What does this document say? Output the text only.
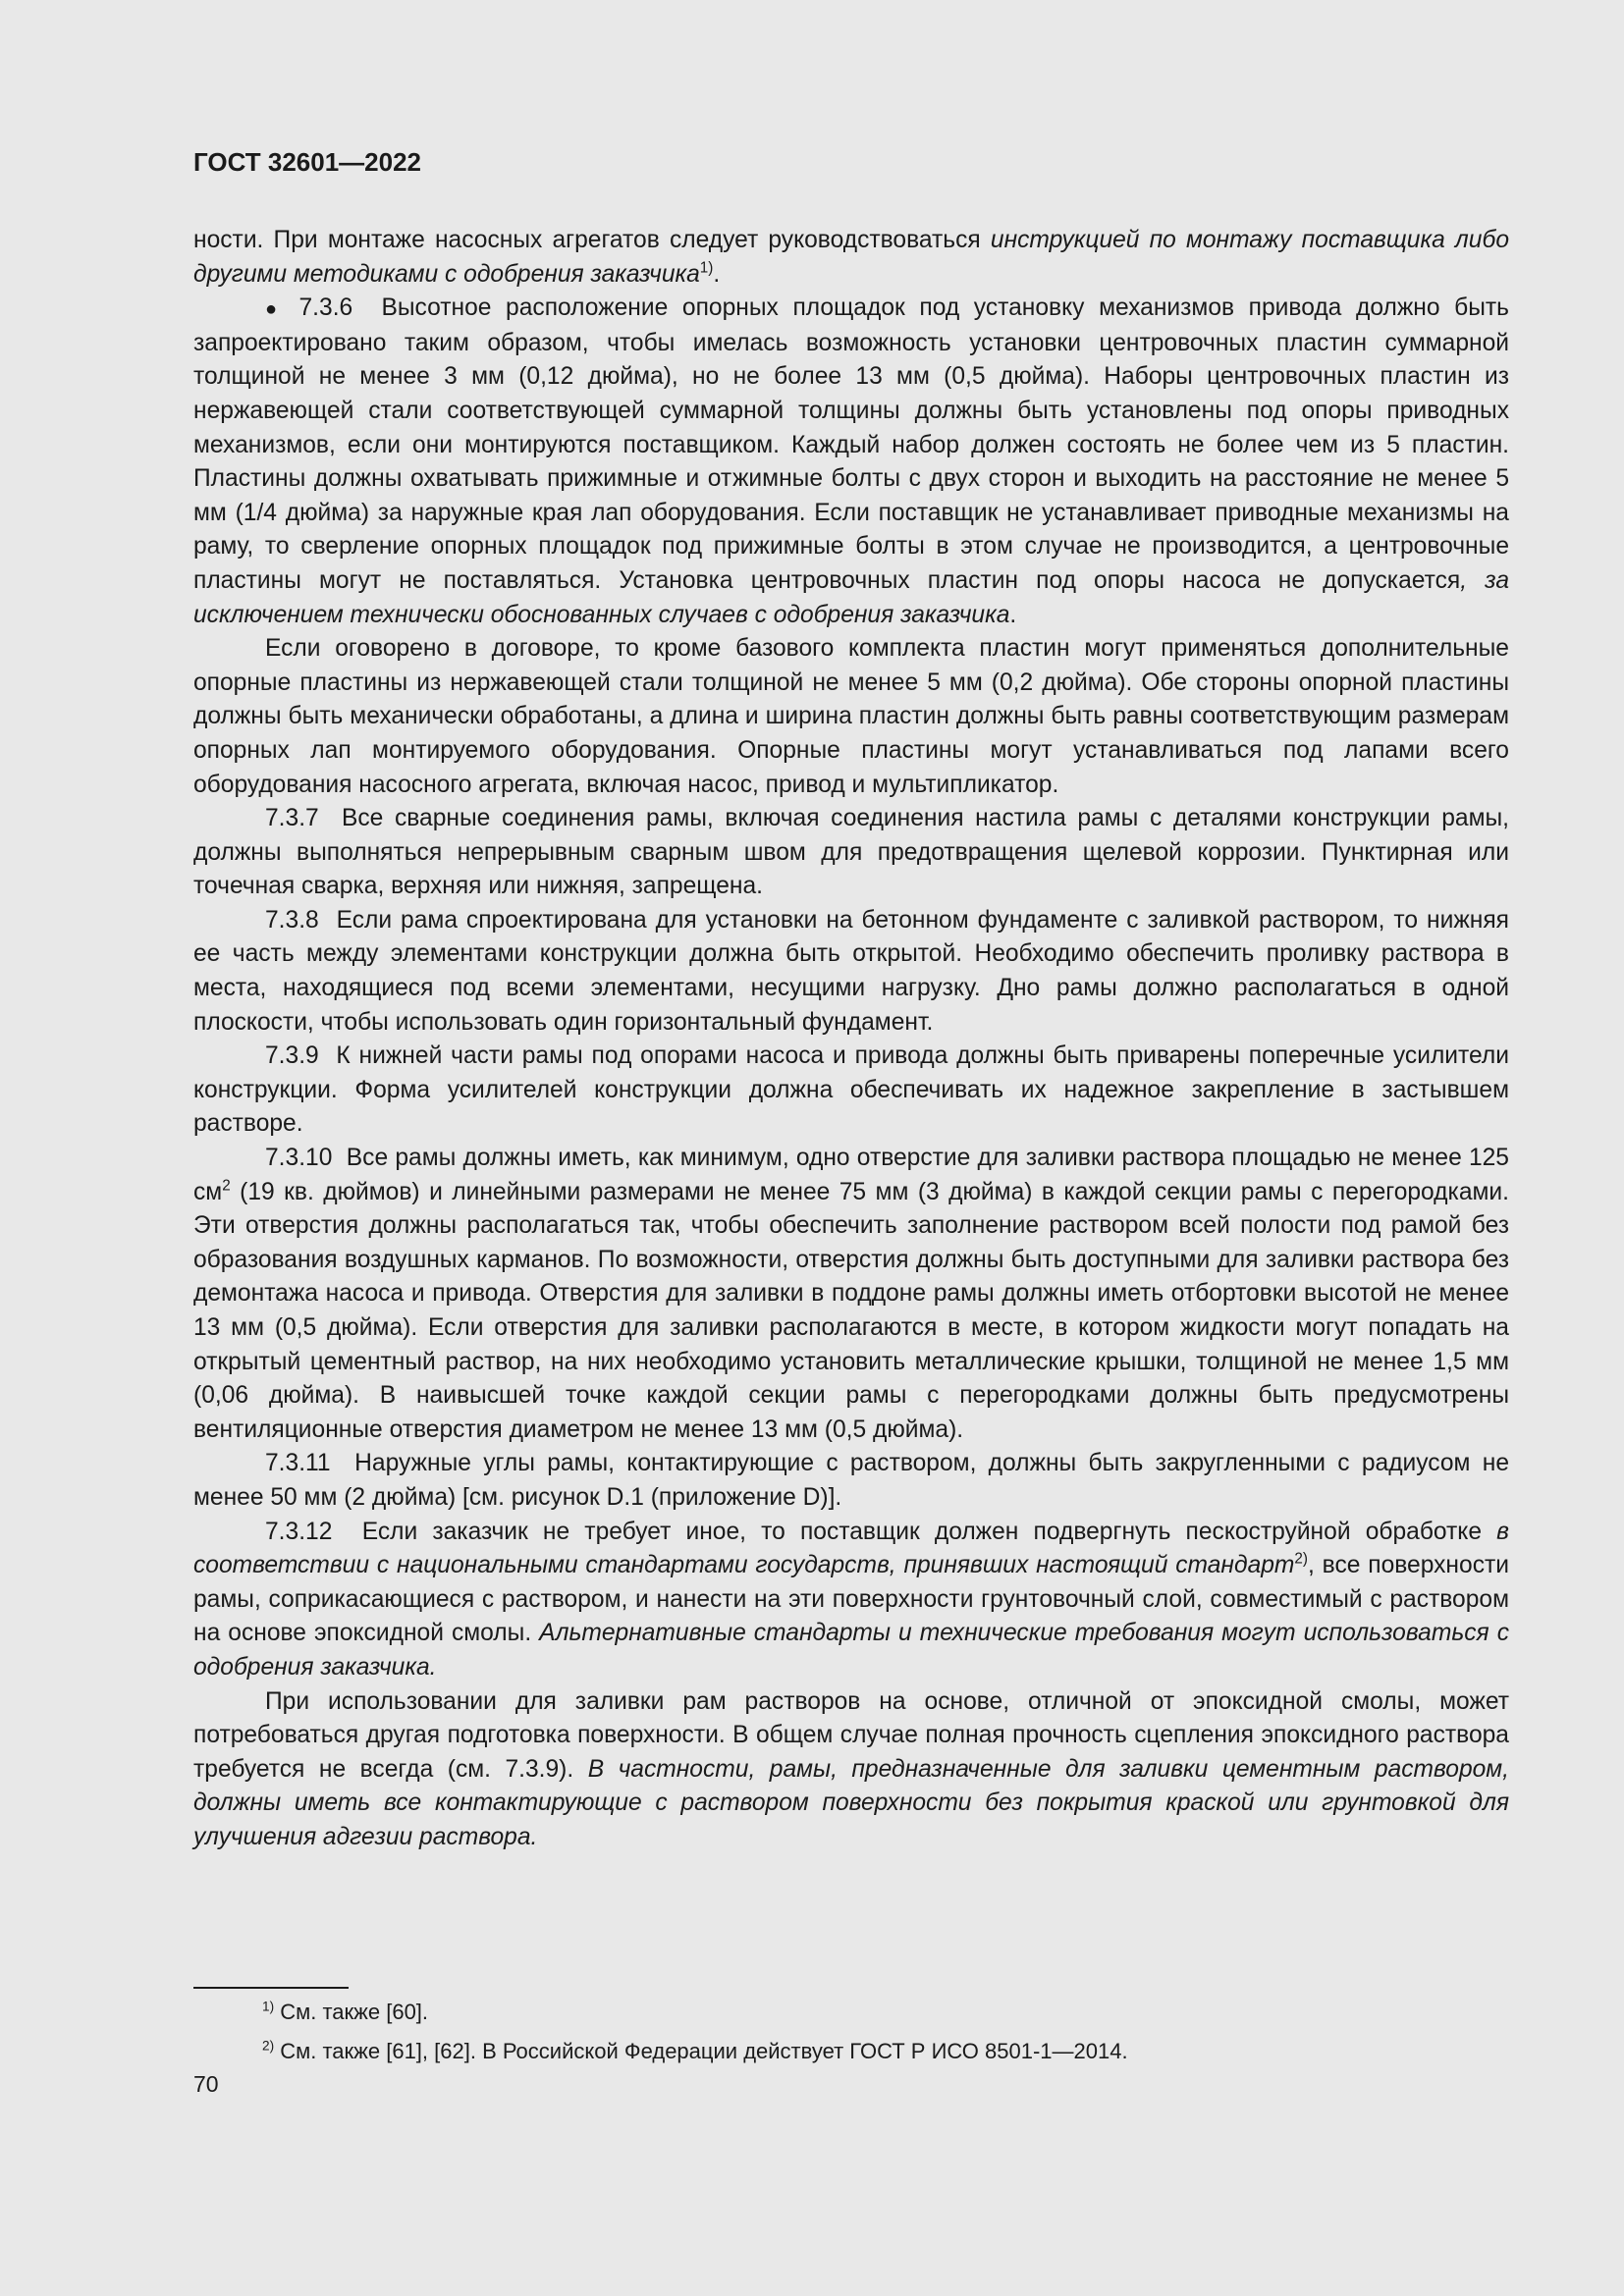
ГОСТ 32601—2022

ности. При монтаже насосных агрегатов следует руководствоваться инструкцией по монтажу поставщика либо другими методиками с одобрения заказчика$^{1)}$.

● 7.3.6 Высотное расположение опорных площадок под установку механизмов привода должно быть запроектировано таким образом, чтобы имелась возможность установки центровочных пластин суммарной толщиной не менее 3 мм (0,12 дюйма), но не более 13 мм (0,5 дюйма). Наборы центровочных пластин из нержавеющей стали соответствующей суммарной толщины должны быть установлены под опоры приводных механизмов, если они монтируются поставщиком. Каждый набор должен состоять не более чем из 5 пластин. Пластины должны охватывать прижимные и отжимные болты с двух сторон и выходить на расстояние не менее 5 мм (1/4 дюйма) за наружные края лап оборудования. Если поставщик не устанавливает приводные механизмы на раму, то сверление опорных площадок под прижимные болты в этом случае не производится, а центровочные пластины могут не поставляться. Установка центровочных пластин под опоры насоса не допускается, за исключением технически обоснованных случаев с одобрения заказчика.

Если оговорено в договоре, то кроме базового комплекта пластин могут применяться дополнительные опорные пластины из нержавеющей стали толщиной не менее 5 мм (0,2 дюйма). Обе стороны опорной пластины должны быть механически обработаны, а длина и ширина пластин должны быть равны соответствующим размерам опорных лап монтируемого оборудования. Опорные пластины могут устанавливаться под лапами всего оборудования насосного агрегата, включая насос, привод и мультипликатор.

7.3.7 Все сварные соединения рамы, включая соединения настила рамы с деталями конструкции рамы, должны выполняться непрерывным сварным швом для предотвращения щелевой коррозии. Пунктирная или точечная сварка, верхняя или нижняя, запрещена.

7.3.8 Если рама спроектирована для установки на бетонном фундаменте с заливкой раствором, то нижняя ее часть между элементами конструкции должна быть открытой. Необходимо обеспечить проливку раствора в места, находящиеся под всеми элементами, несущими нагрузку. Дно рамы должно располагаться в одной плоскости, чтобы использовать один горизонтальный фундамент.

7.3.9 К нижней части рамы под опорами насоса и привода должны быть приварены поперечные усилители конструкции. Форма усилителей конструкции должна обеспечивать их надежное закрепление в застывшем растворе.

7.3.10 Все рамы должны иметь, как минимум, одно отверстие для заливки раствора площадью не менее 125 $см^2$ (19 кв. дюймов) и линейными размерами не менее 75 мм (3 дюйма) в каждой секции рамы с перегородками. Эти отверстия должны располагаться так, чтобы обеспечить заполнение раствором всей полости под рамой без образования воздушных карманов. По возможности, отверстия должны быть доступными для заливки раствора без демонтажа насоса и привода. Отверстия для заливки в поддоне рамы должны иметь отбортовки высотой не менее 13 мм (0,5 дюйма). Если отверстия для заливки располагаются в месте, в котором жидкости могут попадать на открытый цементный раствор, на них необходимо установить металлические крышки, толщиной не менее 1,5 мм (0,06 дюйма). В наивысшей точке каждой секции рамы с перегородками должны быть предусмотрены вентиляционные отверстия диаметром не менее 13 мм (0,5 дюйма).

7.3.11 Наружные углы рамы, контактирующие с раствором, должны быть закругленными с радиусом не менее 50 мм (2 дюйма) [см. рисунок D.1 (приложение D)].

7.3.12 Если заказчик не требует иное, то поставщик должен подвергнуть пескоструйной обработке в соответствии с национальными стандартами государств, принявших настоящий стандарт$^{2)}$, все поверхности рамы, соприкасающиеся с раствором, и нанести на эти поверхности грунтовочный слой, совместимый с раствором на основе эпоксидной смолы. Альтернативные стандарты и технические требования могут использоваться с одобрения заказчика.

При использовании для заливки рам растворов на основе, отличной от эпоксидной смолы, может потребоваться другая подготовка поверхности. В общем случае полная прочность сцепления эпоксидного раствора требуется не всегда (см. 7.3.9). В частности, рамы, предназначенные для заливки цементным раствором, должны иметь все контактирующие с раствором поверхности без покрытия краской или грунтовкой для улучшения адгезии раствора.

$^{1)}$ См. также [60].

$^{2)}$ См. также [61], [62]. В Российской Федерации действует ГОСТ Р ИСО 8501-1—2014.

70
